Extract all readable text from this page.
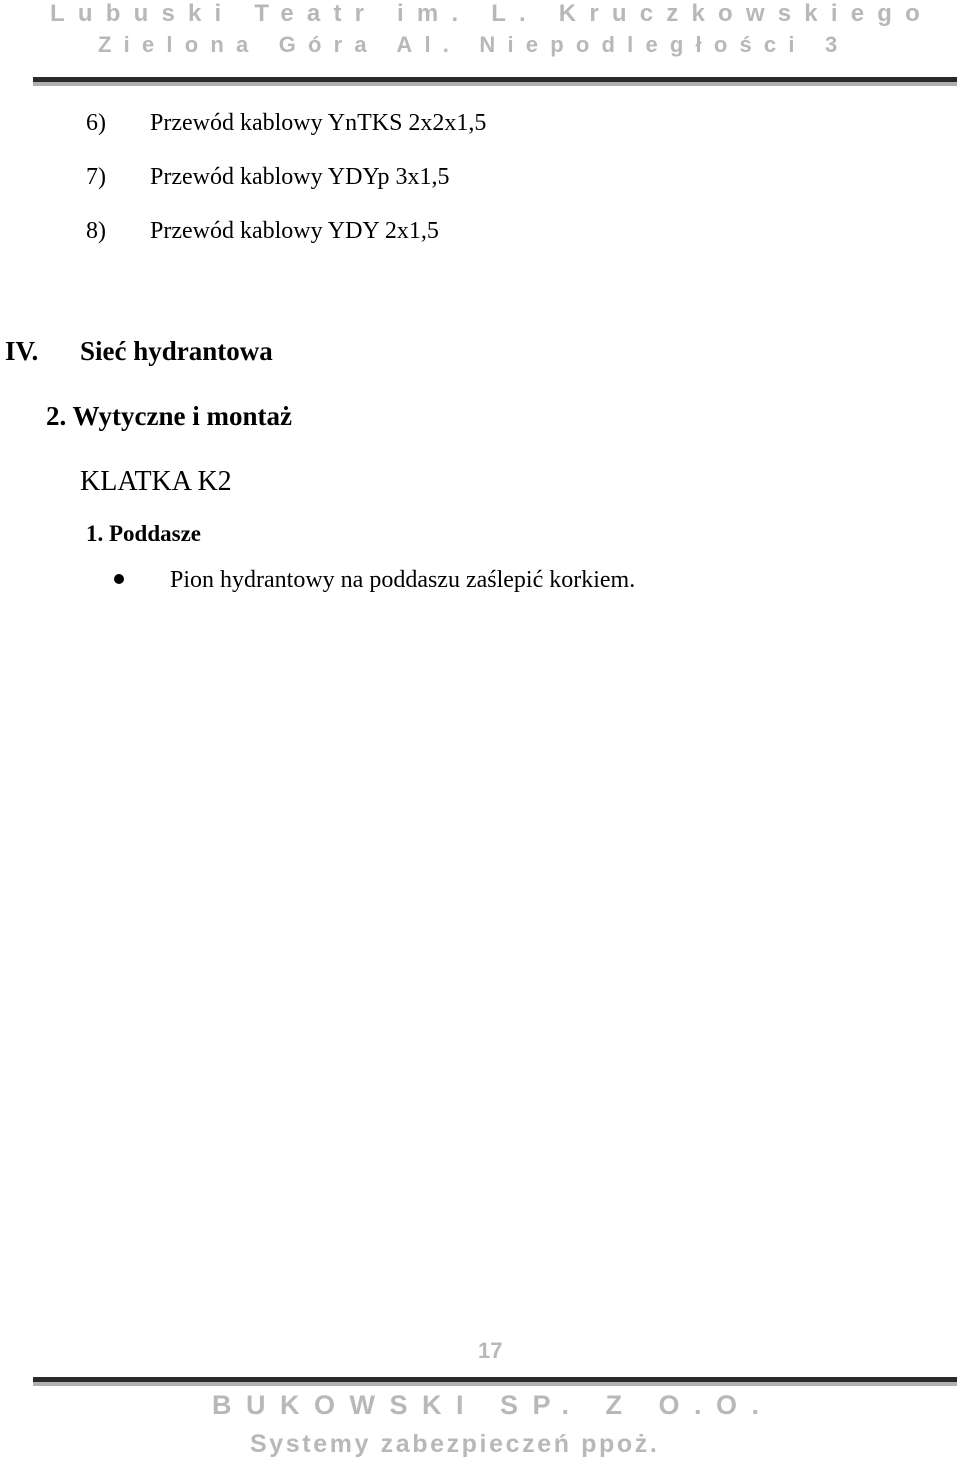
Lubuski Teatr im. L. Kruczkowskiego
Zielona Góra Al. Niepodległości 3
6) Przewód kablowy YnTKS 2x2x1,5
7) Przewód kablowy YDYp 3x1,5
8) Przewód kablowy YDY 2x1,5
IV. Sieć hydrantowa
2. Wytyczne i montaż
KLATKA K2
1. Poddasze
Pion hydrantowy na poddaszu zaślepić korkiem.
17
BUKOWSKI SP. Z O.O.
Systemy zabezpieczeń ppoż.
